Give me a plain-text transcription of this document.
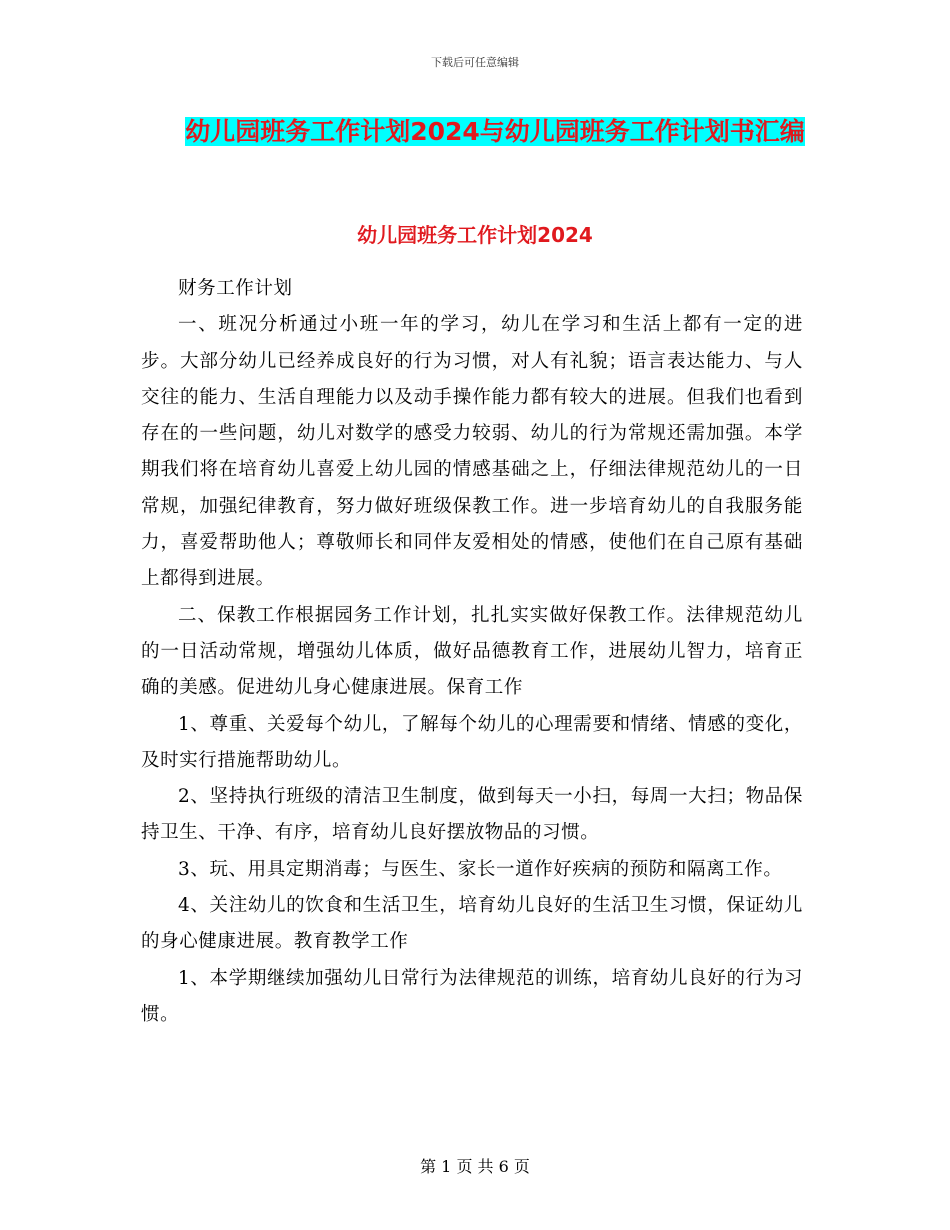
下载后可任意编辑
幼儿园班务工作计划2024与幼儿园班务工作计划书汇编
幼儿园班务工作计划2024

财务工作计划

一、班况分析通过小班一年的学习，幼儿在学习和生活上都有一定的进步。大部分幼儿已经养成良好的行为习惯，对人有礼貌；语言表达能力、与人交往的能力、生活自理能力以及动手操作能力都有较大的进展。但我们也看到存在的一些问题，幼儿对数学的感受力较弱、幼儿的行为常规还需加强。本学期我们将在培育幼儿喜爱上幼儿园的情感基础之上，仔细法律规范幼儿的一日常规，加强纪律教育，努力做好班级保教工作。进一步培育幼儿的自我服务能力，喜爱帮助他人；尊敬师长和同伴友爱相处的情感，使他们在自己原有基础上都得到进展。

二、保教工作根据园务工作计划，扎扎实实做好保教工作。法律规范幼儿的一日活动常规，增强幼儿体质，做好品德教育工作，进展幼儿智力，培育正确的美感。促进幼儿身心健康进展。保育工作

1、尊重、关爱每个幼儿，了解每个幼儿的心理需要和情绪、情感的变化，及时实行措施帮助幼儿。

2、坚持执行班级的清洁卫生制度，做到每天一小扫，每周一大扫；物品保持卫生、干净、有序，培育幼儿良好摆放物品的习惯。

3、玩、用具定期消毒；与医生、家长一道作好疾病的预防和隔离工作。

4、关注幼儿的饮食和生活卫生，培育幼儿良好的生活卫生习惯，保证幼儿的身心健康进展。教育教学工作

1、本学期继续加强幼儿日常行为法律规范的训练，培育幼儿良好的行为习惯。

第 1 页 共 6 页
